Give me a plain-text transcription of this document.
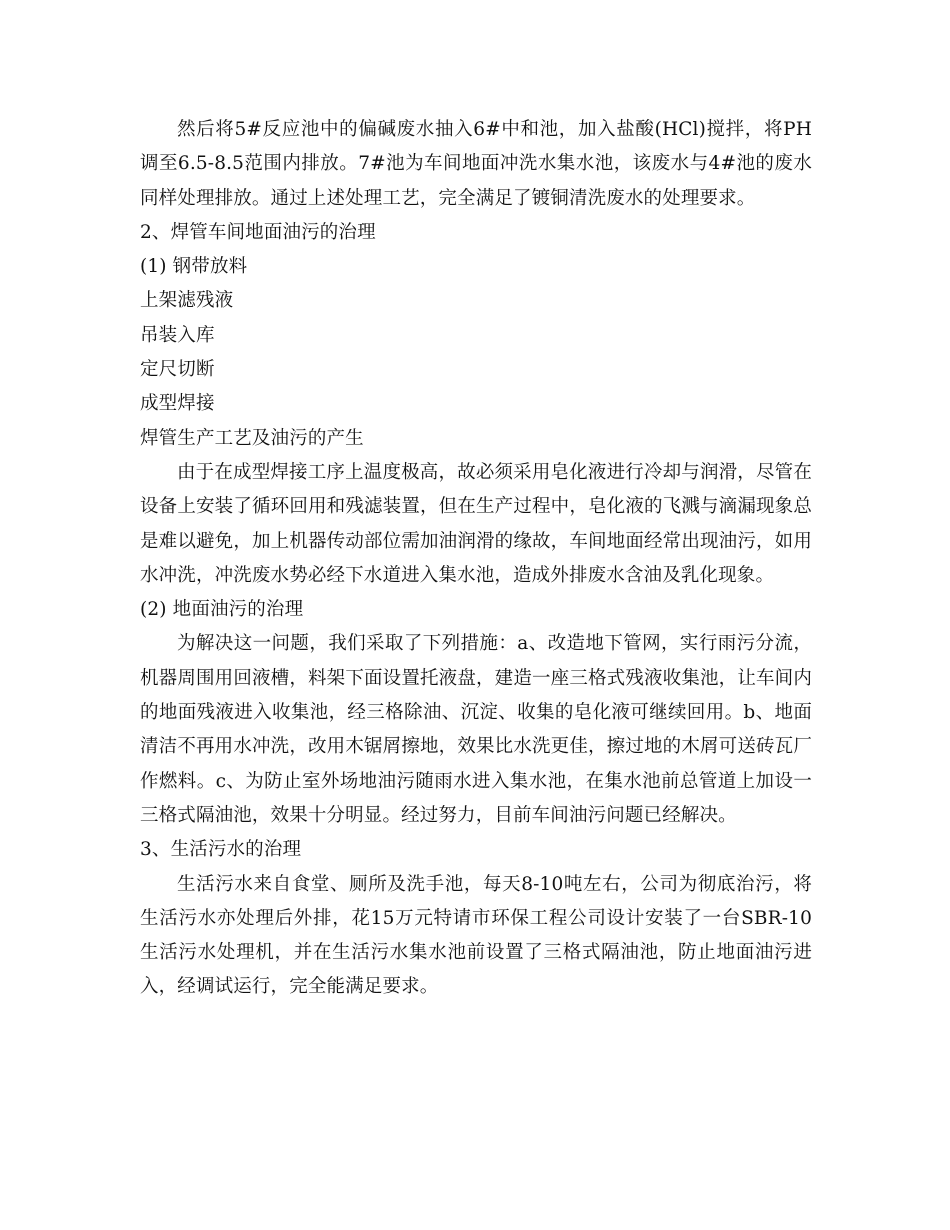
然后将5#反应池中的偏碱废水抽入6#中和池，加入盐酸(HCl)搅拌，将PH调至6.5-8.5范围内排放。7#池为车间地面冲洗水集水池，该废水与4#池的废水同样处理排放。通过上述处理工艺，完全满足了镀铜清洗废水的处理要求。

2、焊管车间地面油污的治理

(1) 钢带放料

上架滤残液

吊装入库

定尺切断

成型焊接

焊管生产工艺及油污的产生

由于在成型焊接工序上温度极高，故必须采用皂化液进行冷却与润滑，尽管在设备上安装了循环回用和残滤装置，但在生产过程中，皂化液的飞溅与滴漏现象总是难以避免，加上机器传动部位需加油润滑的缘故，车间地面经常出现油污，如用水冲洗，冲洗废水势必经下水道进入集水池，造成外排废水含油及乳化现象。

(2) 地面油污的治理

为解决这一问题，我们采取了下列措施：a、改造地下管网，实行雨污分流，机器周围用回液槽，料架下面设置托液盘，建造一座三格式残液收集池，让车间内的地面残液进入收集池，经三格除油、沉淀、收集的皂化液可继续回用。b、地面清洁不再用水冲洗，改用木锯屑擦地，效果比水洗更佳，擦过地的木屑可送砖瓦厂作燃料。c、为防止室外场地油污随雨水进入集水池，在集水池前总管道上加设一三格式隔油池，效果十分明显。经过努力，目前车间油污问题已经解决。

3、生活污水的治理

生活污水来自食堂、厕所及洗手池，每天8-10吨左右，公司为彻底治污，将生活污水亦处理后外排，花15万元特请市环保工程公司设计安装了一台SBR-10生活污水处理机，并在生活污水集水池前设置了三格式隔油池，防止地面油污进入，经调试运行，完全能满足要求。
